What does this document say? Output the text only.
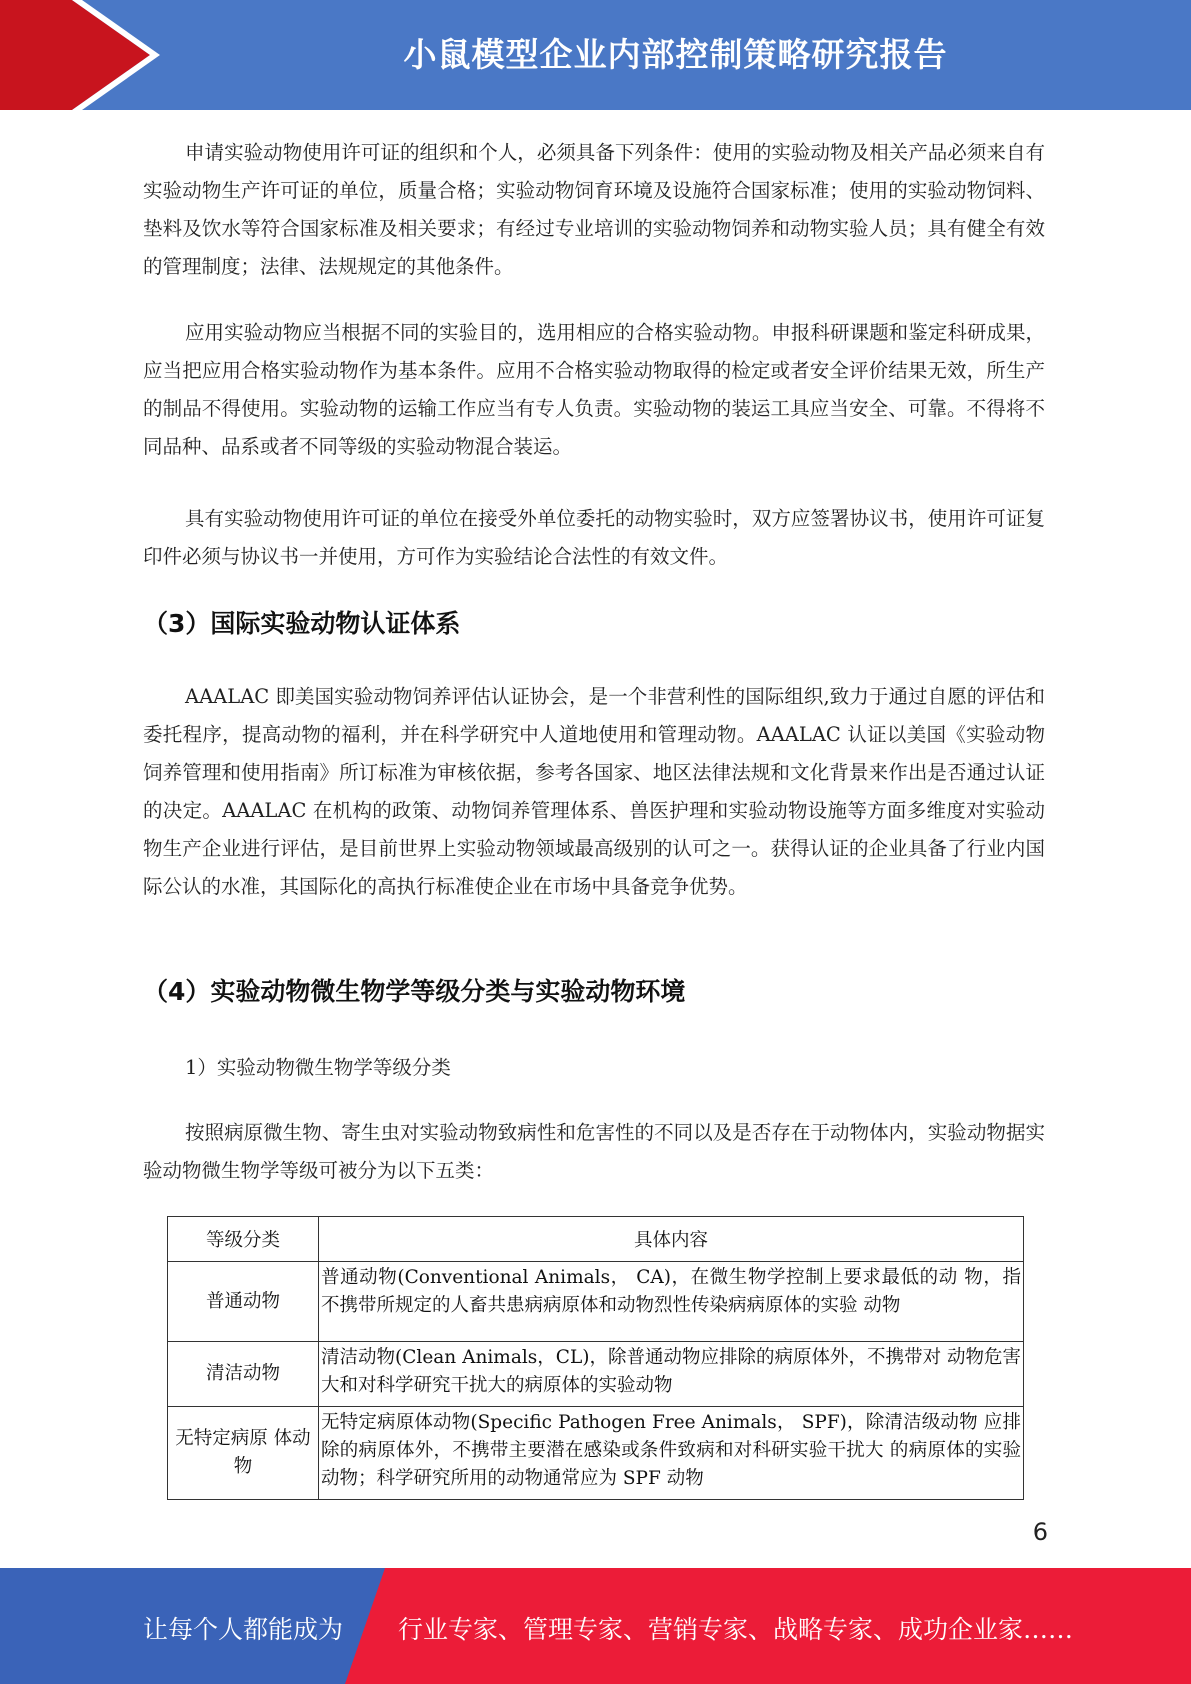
小鼠模型企业内部控制策略研究报告

申请实验动物使用许可证的组织和个人，必须具备下列条件：使用的实验动物及相关产品必须来自有实验动物生产许可证的单位，质量合格；实验动物饲育环境及设施符合国家标准；使用的实验动物饲料、垫料及饮水等符合国家标准及相关要求；有经过专业培训的实验动物饲养和动物实验人员；具有健全有效的管理制度；法律、法规规定的其他条件。

应用实验动物应当根据不同的实验目的，选用相应的合格实验动物。申报科研课题和鉴定科研成果，应当把应用合格实验动物作为基本条件。应用不合格实验动物取得的检定或者安全评价结果无效，所生产的制品不得使用。实验动物的运输工作应当有专人负责。实验动物的装运工具应当安全、可靠。不得将不同品种、品系或者不同等级的实验动物混合装运。

具有实验动物使用许可证的单位在接受外单位委托的动物实验时，双方应签署协议书，使用许可证复印件必须与协议书一并使用，方可作为实验结论合法性的有效文件。

（3）国际实验动物认证体系

AAALAC 即美国实验动物饲养评估认证协会，是一个非营利性的国际组织,致力于通过自愿的评估和委托程序，提高动物的福利，并在科学研究中人道地使用和管理动物。AAALAC 认证以美国《实验动物饲养管理和使用指南》所订标准为审核依据，参考各国家、地区法律法规和文化背景来作出是否通过认证的决定。AAALAC 在机构的政策、动物饲养管理体系、兽医护理和实验动物设施等方面多维度对实验动物生产企业进行评估，是目前世界上实验动物领域最高级别的认可之一。获得认证的企业具备了行业内国际公认的水准，其国际化的高执行标准使企业在市场中具备竞争优势。

（4）实验动物微生物学等级分类与实验动物环境

1）实验动物微生物学等级分类

按照病原微生物、寄生虫对实验动物致病性和危害性的不同以及是否存在于动物体内，实验动物据实验动物微生物学等级可被分为以下五类：

等级分类	具体内容
普通动物	普通动物(Conventional Animals， CA)，在微生物学控制上要求最低的动 物，指不携带所规定的人畜共患病病原体和动物烈性传染病病原体的实验 动物
清洁动物	清洁动物(Clean Animals，CL)，除普通动物应排除的病原体外，不携带对 动物危害大和对科学研究干扰大的病原体的实验动物
无特定病原 体动物	无特定病原体动物(Specific Pathogen Free Animals， SPF)，除清洁级动物 应排除的病原体外，不携带主要潜在感染或条件致病和对科研实验干扰大 的病原体的实验动物；科学研究所用的动物通常应为 SPF 动物
6
让每个人都能成为 行业专家、管理专家、营销专家、战略专家、成功企业家……
